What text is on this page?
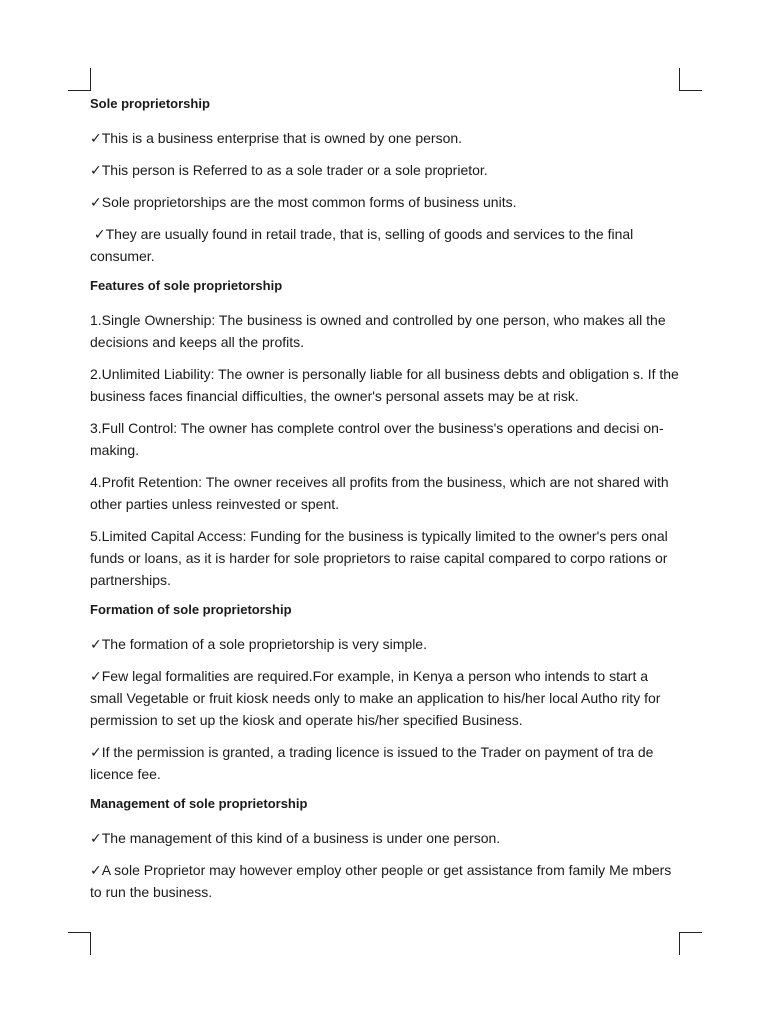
Sole proprietorship

✓This is a business enterprise that is owned by one person.

✓This person is Referred to as a sole trader or a sole proprietor.

✓Sole proprietorships are the most common forms of business units.

✓They are usually found in retail trade, that is, selling of goods and services to the final consumer.

Features of sole proprietorship

1.Single Ownership: The business is owned and controlled by one person, who makes all the decisions and keeps all the profits.

2.Unlimited Liability: The owner is personally liable for all business debts and obligation s. If the business faces financial difficulties, the owner's personal assets may be at risk.

3.Full Control: The owner has complete control over the business's operations and decisi on-making.

4.Profit Retention: The owner receives all profits from the business, which are not shared with other parties unless reinvested or spent.

5.Limited Capital Access: Funding for the business is typically limited to the owner's pers onal funds or loans, as it is harder for sole proprietors to raise capital compared to corpo rations or partnerships.

Formation of sole proprietorship

✓The formation of a sole proprietorship is very simple.

✓Few legal formalities are required.For example, in Kenya a person who intends to start a small Vegetable or fruit kiosk needs only to make an application to his/her local Autho rity for permission to set up the kiosk and operate his/her specified Business.

✓If the permission is granted, a trading licence is issued to the Trader on payment of tra de licence fee.

Management of sole proprietorship

✓The management of this kind of a business is under one person.

✓A sole Proprietor may however employ other people or get assistance from family Me mbers to run the business.
